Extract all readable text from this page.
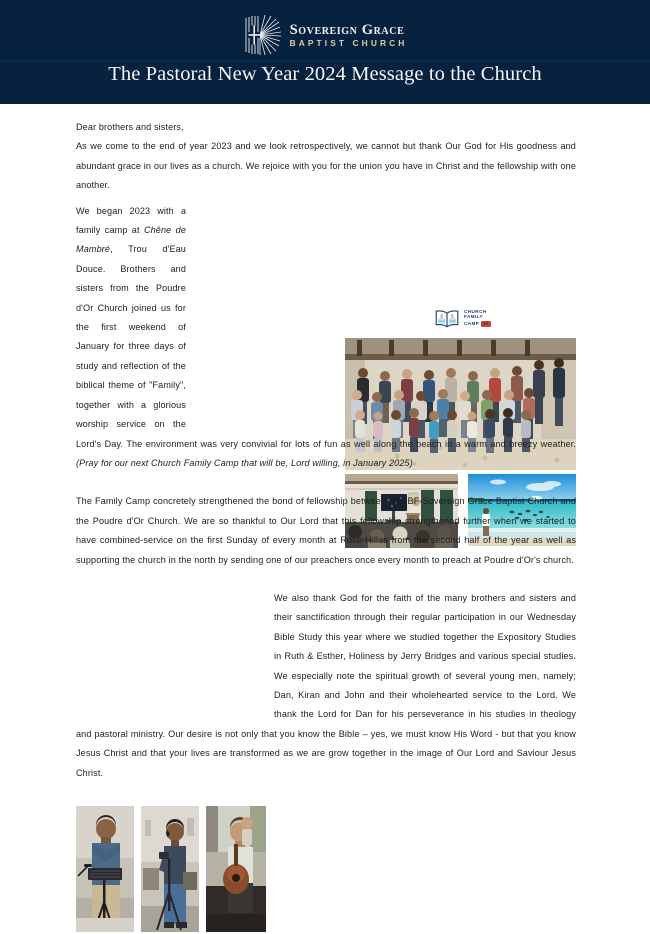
Sovereign Grace
BAPTIST CHURCH
The Pastoral New Year 2024 Message to the Church
CHURCH
FAMILY
CAMP 23

Dear brothers and sisters,

As we come to the end of year 2023 and we look retrospectively, we cannot but thank Our God for His goodness and abundant grace in our lives as a church. We rejoice with you for the union you have in Christ and the fellowship with one another.

We began 2023 with a family camp at Chêne de Mambré, Trou d'Eau Douce. Brothers and sisters from the Poudre d'Or Church joined us for the first weekend of January for three days of study and reflection of the biblical theme of "Family", together with a glorious worship service on the Lord's Day. The environment was very convivial for lots of fun as well along the beach in a warm and breezy weather. (Pray for our next Church Family Camp that will be, Lord willing, in January 2025)

The Family Camp concretely strengthened the bond of fellowship between the IBF-Sovereign Grace Baptist Church and the Poudre d'Or Church. We are so thankful to Our Lord that this fellowship strengthened further when we started to have combined-service on the first Sunday of every month at Rose-Hillas from the second half of the year as well as supporting the church in the north by sending one of our preachers once every month to preach at Poudre d'Or's church.

We also thank God for the faith of the many brothers and sisters and their sanctification through their regular participation in our Wednesday Bible Study this year where we studied together the Expository Studies in Ruth & Esther, Holiness by Jerry Bridges and various special studies. We especially note the spiritual growth of several young men, namely; Dan, Kiran and John and their wholehearted service to the Lord. We thank the Lord for Dan for his perseverance in his studies in theology and pastoral ministry. Our desire is not only that you know the Bible – yes, we must know His Word - but that you know Jesus Christ and that your lives are transformed as we are grow together in the image of Our Lord and Saviour Jesus Christ.
